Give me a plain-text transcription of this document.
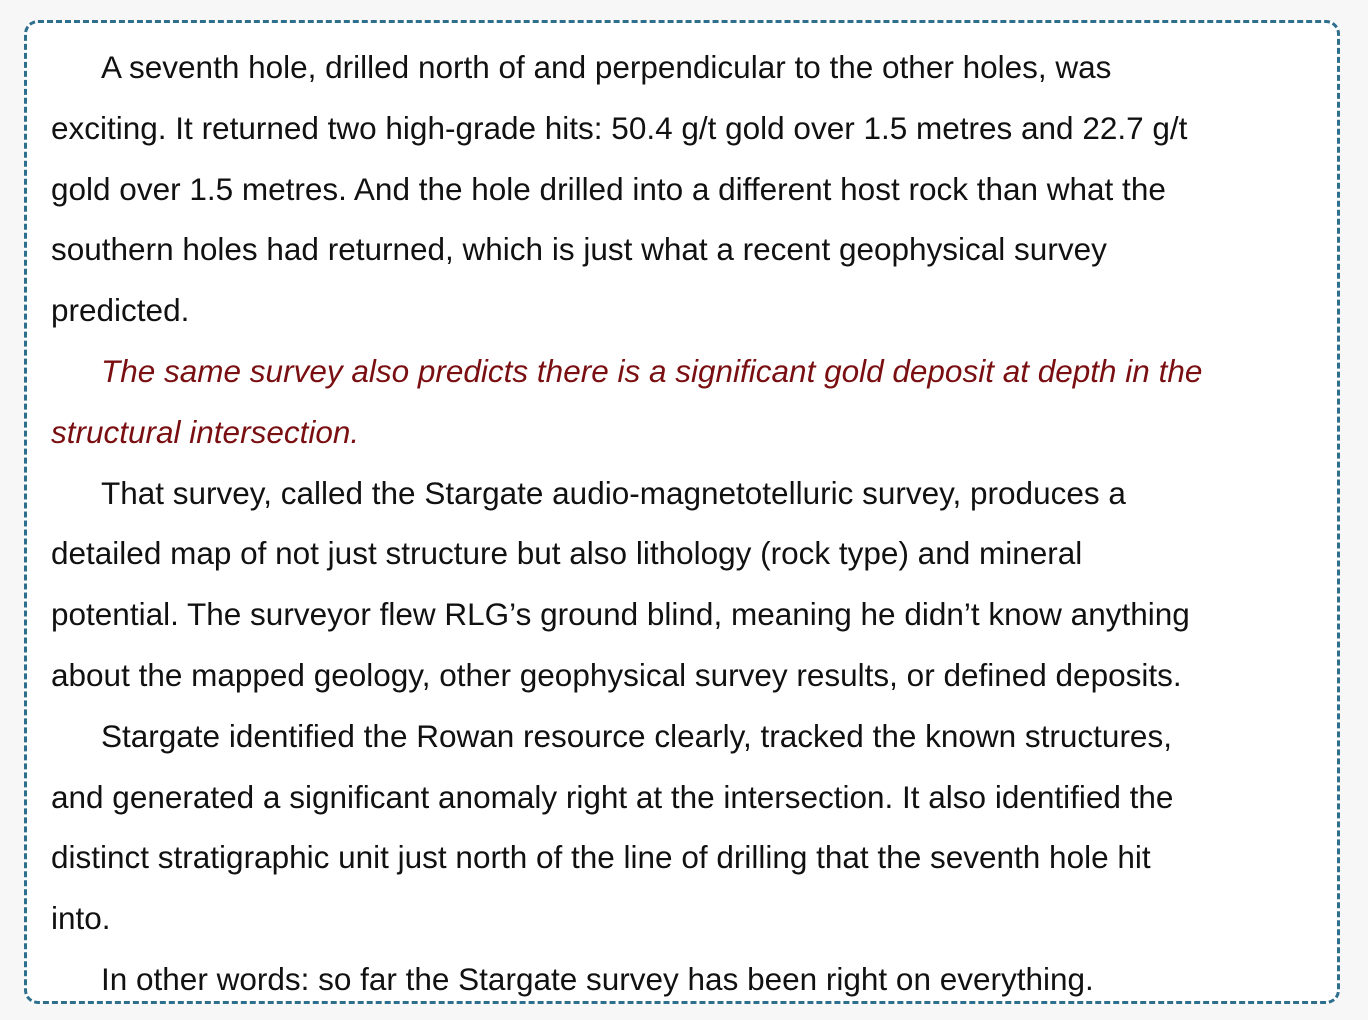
A seventh hole, drilled north of and perpendicular to the other holes, was
exciting. It returned two high-grade hits: 50.4 g/t gold over 1.5 metres and 22.7 g/t
gold over 1.5 metres. And the hole drilled into a different host rock than what the
southern holes had returned, which is just what a recent geophysical survey
predicted.
The same survey also predicts there is a significant gold deposit at depth in the
structural intersection.
That survey, called the Stargate audio-magnetotelluric survey, produces a
detailed map of not just structure but also lithology (rock type) and mineral
potential. The surveyor flew RLG’s ground blind, meaning he didn’t know anything
about the mapped geology, other geophysical survey results, or defined deposits.
Stargate identified the Rowan resource clearly, tracked the known structures,
and generated a significant anomaly right at the intersection. It also identified the
distinct stratigraphic unit just north of the line of drilling that the seventh hole hit
into.
In other words: so far the Stargate survey has been right on everything.
